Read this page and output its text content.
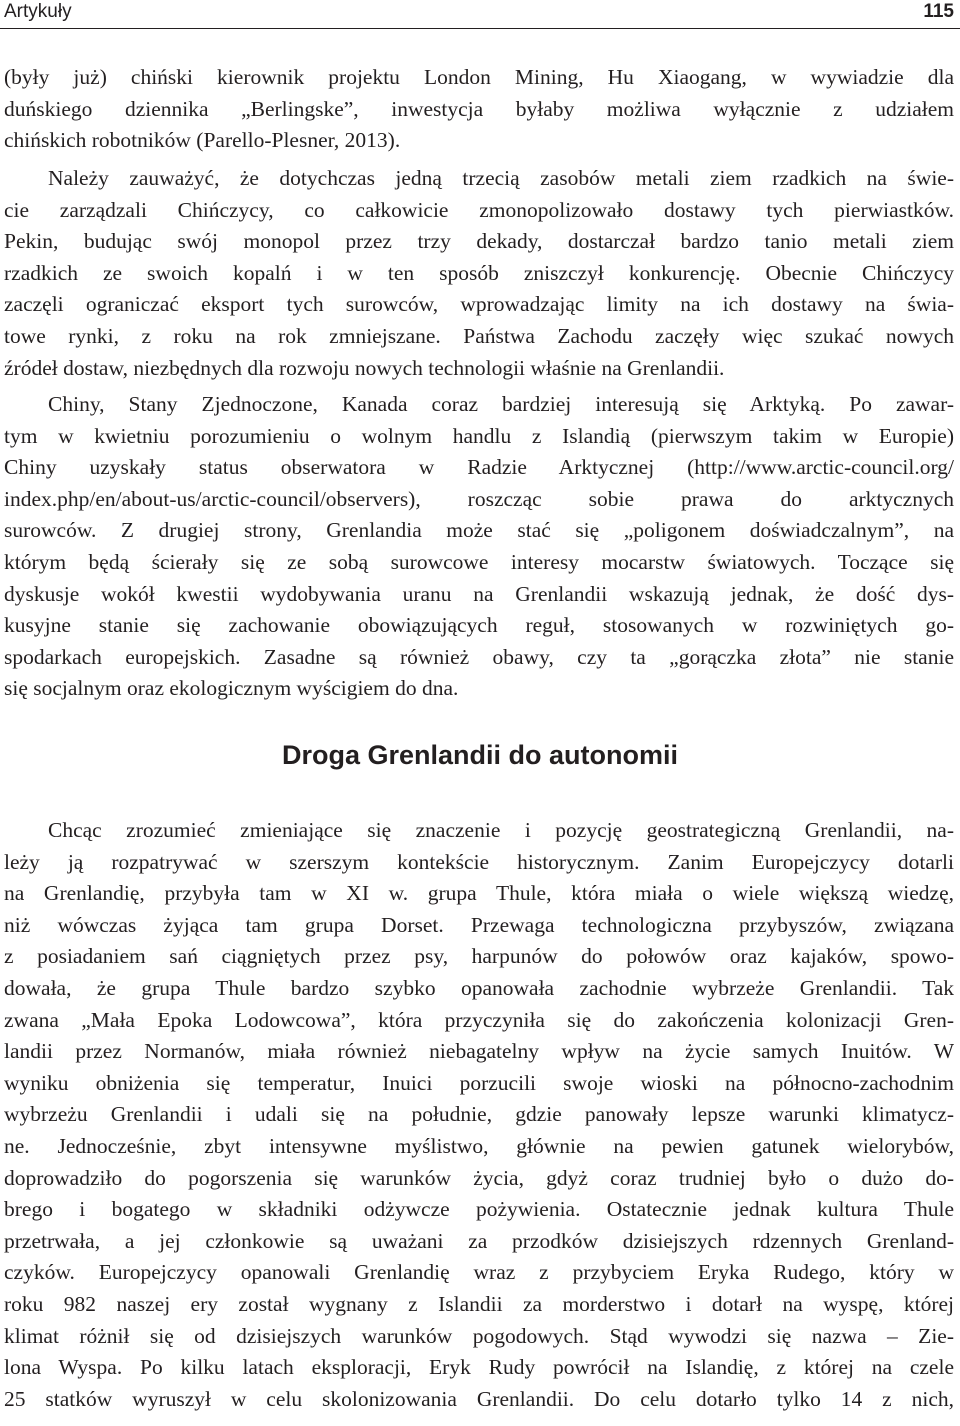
Artykuły	115

(były już) chiński kierownik projektu London Mining, Hu Xiaogang, w wywiadzie dla

duńskiego dziennika „Berlingske”, inwestycja byłaby możliwa wyłącznie z udziałem

chińskich robotników (Parello-Plesner, 2013).

Należy zauważyć, że dotychczas jedną trzecią zasobów metali ziem rzadkich na świe-

cie zarządzali Chińczycy, co całkowicie zmonopolizowało dostawy tych pierwiastków.

Pekin, budując swój monopol przez trzy dekady, dostarczał bardzo tanio metali ziem

rzadkich ze swoich kopalń i w ten sposób zniszczył konkurencję. Obecnie Chińczycy

zaczęli ograniczać eksport tych surowców, wprowadzając limity na ich dostawy na świa-

towe rynki, z roku na rok zmniejszane. Państwa Zachodu zaczęły więc szukać nowych

źródeł dostaw, niezbędnych dla rozwoju nowych technologii właśnie na Grenlandii.

Chiny, Stany Zjednoczone, Kanada coraz bardziej interesują się Arktyką. Po zawar-

tym w kwietniu porozumieniu o wolnym handlu z Islandią (pierwszym takim w Europie)

Chiny uzyskały status obserwatora w Radzie Arktycznej (http://www.arctic-council.org/

index.php/en/about-us/arctic-council/observers), roszcząc sobie prawa do arktycznych

surowców. Z drugiej strony, Grenlandia może stać się „poligonem doświadczalnym”, na

którym będą ścierały się ze sobą surowcowe interesy mocarstw światowych. Toczące się

dyskusje wokół kwestii wydobywania uranu na Grenlandii wskazują jednak, że dość dys-

kusyjne stanie się zachowanie obowiązujących reguł, stosowanych w rozwiniętych go-

spodarkach europejskich. Zasadne są również obawy, czy ta „gorączka złota” nie stanie

się socjalnym oraz ekologicznym wyścigiem do dna.

Droga Grenlandii do autonomii

Chcąc zrozumieć zmieniające się znaczenie i pozycję geostrategiczną Grenlandii, na-

leży ją rozpatrywać w szerszym kontekście historycznym. Zanim Europejczycy dotarli

na Grenlandię, przybyła tam w XI w. grupa Thule, która miała o wiele większą wiedzę,

niż wówczas żyjąca tam grupa Dorset. Przewaga technologiczna przybyszów, związana

z posiadaniem sań ciągniętych przez psy, harpunów do połowów oraz kajaków, spowo-

dowała, że grupa Thule bardzo szybko opanowała zachodnie wybrzeże Grenlandii. Tak

zwana „Mała Epoka Lodowcowa”, która przyczyniła się do zakończenia kolonizacji Gren-

landii przez Normanów, miała również niebagatelny wpływ na życie samych Inuitów. W

wyniku obniżenia się temperatur, Inuici porzucili swoje wioski na północno-zachodnim

wybrzeżu Grenlandii i udali się na południe, gdzie panowały lepsze warunki klimatycz-

ne. Jednocześnie, zbyt intensywne myślistwo, głównie na pewien gatunek wielorybów,

doprowadziło do pogorszenia się warunków życia, gdyż coraz trudniej było o dużo do-

brego i bogatego w składniki odżywcze pożywienia. Ostatecznie jednak kultura Thule

przetrwała, a jej członkowie są uważani za przodków dzisiejszych rdzennych Grenland-

czyków. Europejczycy opanowali Grenlandię wraz z przybyciem Eryka Rudego, który w

roku 982 naszej ery został wygnany z Islandii za morderstwo i dotarł na wyspę, której

klimat różnił się od dzisiejszych warunków pogodowych. Stąd wywodzi się nazwa – Zie-

lona Wyspa. Po kilku latach eksploracji, Eryk Rudy powrócił na Islandię, z której na czele

25 statków wyruszył w celu skolonizowania Grenlandii. Do celu dotarło tylko 14 z nich,
